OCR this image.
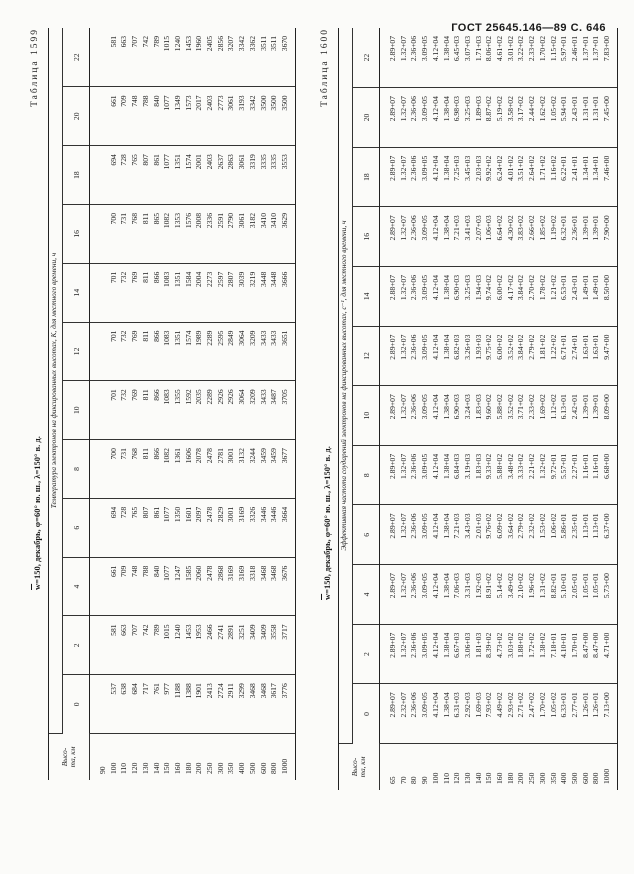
ГОСТ 25645.146—89 С. 646
$\overline{w}=150$, декабрь, φ=60° ю. ш., λ=150° в. д.
Таблица 1599
Высо-
та, км	Температура электронов на фиксированных высотах, K, для местного времени, ч											
	0	2	4	6	8	10	12	14	16	18	20	22
90												
100	537	581	661	694	700	701	701	701	700	694	661	581
110	638	663	709	728	731	732	732	732	731	728	709	663
120	684	707	748	765	768	769	769	769	768	765	748	707
130	717	742	788	807	811	811	811	811	811	807	788	742
140	761	789	840	861	866	866	866	866	865	861	840	789
150	977	1015	1077	1077	1082	1083	1083	1083	1082	1077	1077	1015
160	1188	1240	1247	1350	1361	1355	1351	1351	1353	1351	1349	1240
180	1388	1453	1585	1601	1606	1592	1574	1584	1576	1574	1573	1453
200	1901	1953	2060	2097	2078	2035	1989	2004	2008	2001	2017	1960
250	2413	2466	2478	2478	2478	2289	2289	2273	2336	2403	2403	2405
300	2724	2741	2868	2829	2781	2926	2595	2597	2591	2637	2773	2856
350	2911	2891	3169	3001	3001	2926	2849	2807	2790	2863	3061	3207
400	3299	3251	3169	3169	3132	3064	3064	3039	3061	3061	3193	3342
500	3468	3409	3318	3326	3244	3209	3209	3219	3182	3319	3342	3362
600	3468	3409	3468	3446	3459	3433	3433	3448	3410	3335	3500	3511
800	3617	3558	3468	3446	3459	3487	3433	3448	3410	3335	3500	3511
1000	3776	3717	3676	3664	3677	3705	3651	3666	3629	3553	3500	3670
$\overline{w}=150$, декабрь, φ=60° ю. ш., λ=150° в. д.
Таблица 1600
Высо-
та, км	Эффективная частота соударений электронов на фиксированных высотах, c⁻¹, для местного времени, ч											
	0	2	4	6	8	10	12	14	16	18	20	22
65	2.89+07	2.89+07	2.89+07	2.89+07	2.89+07	2.89+07	2.89+07	2.88+07	2.89+07	2.89+07	2.89+07	2.89+07
70	2.32+07	1.32+07	1.32+07	1.32+07	1.32+07	1.32+07	1.32+07	1.32+07	1.32+07	1.32+07	1.32+07	1.32+07
80	2.36+06	2.36+06	2.36+06	2.36+06	2.36+06	2.36+06	2.36+06	2.36+06	2.36+06	2.36+06	2.36+06	2.36+06
90	3.09+05	3.09+05	3.09+05	3.09+05	3.09+05	3.09+05	3.09+05	3.09+05	3.09+05	3.09+05	3.09+05	3.09+05
100	4.12+04	4.12+04	4.12+04	4.12+04	4.12+04	4.12+04	4.12+04	4.12+04	4.12+04	4.12+04	4.12+04	4.12+04
110	1.38+04	1.38+04	1.38+04	1.38+04	1.38+04	1.38+04	1.38+04	1.38+04	1.38+04	1.38+04	1.38+04	1.38+04
120	6.31+03	6.67+03	7.06+03	7.21+03	6.84+03	6.90+03	6.82+03	6.90+03	7.21+03	7.25+03	6.98+03	6.45+03
130	2.92+03	3.06+03	3.31+03	3.43+03	3.19+03	3.24+03	3.26+03	3.25+03	3.41+03	3.45+03	3.25+03	3.07+03
140	1.69+03	1.81+03	1.92+03	2.01+03	1.83+03	1.83+03	1.93+03	1.94+03	2.07+03	2.03+03	1.89+03	1.71+03
150	7.93+02	8.39+02	8.91+02	9.76+02	9.33+02	9.60+02	9.75+02	9.74+02	1.06+03	9.92+02	8.87+02	8.06+02
160	4.49+02	4.73+02	5.14+02	6.09+02	5.88+02	5.88+02	6.00+02	6.00+02	6.64+02	6.24+02	5.19+02	4.61+02
180	2.93+02	3.03+02	3.49+02	3.64+02	3.48+02	3.52+02	3.52+02	4.17+02	4.30+02	4.01+02	3.58+02	3.01+02
200	2.71+02	1.88+02	2.10+02	2.79+02	3.33+02	3.71+02	3.84+02	3.84+02	3.83+02	3.51+02	3.17+02	3.22+02
250	2.47+02	1.72+02	1.96+02	2.32+02	2.21+02	2.33+02	2.79+02	2.70+02	2.66+02	2.64+02	2.44+02	2.33+02
300	1.70+02	1.38+02	1.31+02	1.53+02	1.32+02	1.69+02	1.81+02	1.78+02	1.85+02	1.71+02	1.62+02	1.70+02
350	1.05+02	7.18+01	8.82+01	1.06+02	9.72+01	1.12+02	1.22+02	1.21+02	1.19+02	1.16+02	1.05+02	1.15+02
400	6.33+01	4.10+01	5.10+01	5.86+01	5.57+01	6.13+01	6.71+01	6.53+01	6.32+01	6.22+01	5.94+01	5.97+01
500	2.77+01	1.70+01	2.05+01	2.35+01	2.27+01	2.42+01	2.74+01	2.43+01	2.36+01	2.41+01	2.43+01	2.46+01
600	1.26+01	8.47+00	1.05+01	1.13+01	1.16+01	1.39+01	1.63+01	1.49+01	1.39+01	1.34+01	1.31+01	1.37+01
800	1.26+01	8.47+00	1.05+01	1.13+01	1.16+01	1.39+01	1.63+01	1.49+01	1.39+01	1.34+01	1.31+01	1.37+01
1000	7.13+00	4.71+00	5.73+00	6.37+00	6.68+00	8.09+00	9.47+00	8.50+00	7.90+00	7.46+00	7.45+00	7.83+00
